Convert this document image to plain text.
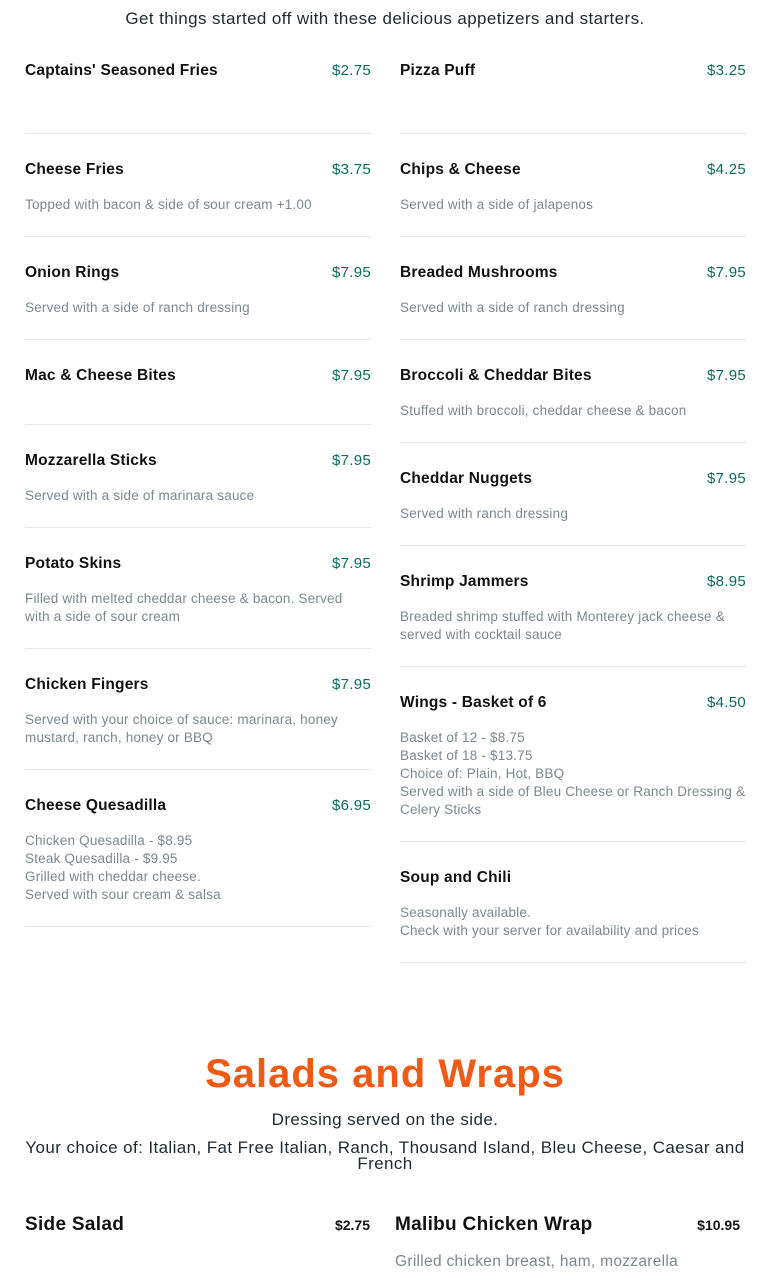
Get things started off with these delicious appetizers and starters.
Captains' Seasoned Fries	$2.75
Cheese Fries	$3.75
Topped with bacon & side of sour cream +1.00
Onion Rings	$7.95
Served with a side of ranch dressing
Mac & Cheese Bites	$7.95
Mozzarella Sticks	$7.95
Served with a side of marinara sauce
Potato Skins	$7.95
Filled with melted cheddar cheese & bacon. Served with a side of sour cream
Chicken Fingers	$7.95
Served with your choice of sauce: marinara, honey mustard, ranch, honey or BBQ
Cheese Quesadilla	$6.95
Chicken Quesadilla - $8.95
Steak Quesadilla - $9.95
Grilled with cheddar cheese.
Served with sour cream & salsa
Pizza Puff	$3.25
Chips & Cheese	$4.25
Served with a side of jalapenos
Breaded Mushrooms	$7.95
Served with a side of ranch dressing
Broccoli & Cheddar Bites	$7.95
Stuffed with broccoli, cheddar cheese & bacon
Cheddar Nuggets	$7.95
Served with ranch dressing
Shrimp Jammers	$8.95
Breaded shrimp stuffed with Monterey jack cheese & served with cocktail sauce
Wings - Basket of 6	$4.50
Basket of 12 - $8.75
Basket of 18 - $13.75
Choice of: Plain, Hot, BBQ
Served with a side of Bleu Cheese or Ranch Dressing & Celery Sticks
Soup and Chili
Seasonally available.
Check with your server for availability and prices
Salads and Wraps
Dressing served on the side.
Your choice of: Italian, Fat Free Italian, Ranch, Thousand Island, Bleu Cheese, Caesar and French
Side Salad	$2.75 Malibu Chicken Wrap	$10.95
Grilled chicken breast, ham, mozzarella
